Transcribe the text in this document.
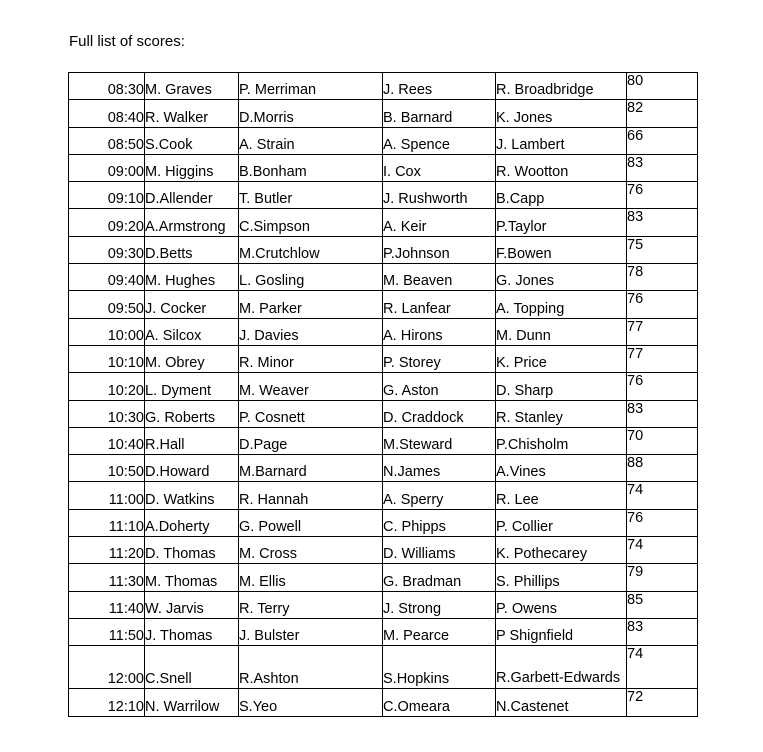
Full list of scores:
08:30	M. Graves	P. Merriman	J. Rees	R. Broadbridge	80
08:40	R. Walker	D.Morris	B. Barnard	K. Jones	82
08:50	S.Cook	A. Strain	A. Spence	J. Lambert	66
09:00	M. Higgins	B.Bonham	I. Cox	R. Wootton	83
09:10	D.Allender	T. Butler	J. Rushworth	B.Capp	76
09:20	A.Armstrong	C.Simpson	A. Keir	P.Taylor	83
09:30	D.Betts	M.Crutchlow	P.Johnson	F.Bowen	75
09:40	M. Hughes	L. Gosling	M. Beaven	G. Jones	78
09:50	J. Cocker	M. Parker	R. Lanfear	A. Topping	76
10:00	A. Silcox	J. Davies	A. Hirons	M. Dunn	77
10:10	M. Obrey	R. Minor	P. Storey	K. Price	77
10:20	L. Dyment	M. Weaver	G. Aston	D. Sharp	76
10:30	G. Roberts	P. Cosnett	D. Craddock	R. Stanley	83
10:40	R.Hall	D.Page	M.Steward	P.Chisholm	70
10:50	D.Howard	M.Barnard	N.James	A.Vines	88
11:00	D. Watkins	R. Hannah	A. Sperry	R. Lee	74
11:10	A.Doherty	G. Powell	C. Phipps	P. Collier	76
11:20	D. Thomas	M. Cross	D. Williams	K. Pothecarey	74
11:30	M. Thomas	M. Ellis	G. Bradman	S. Phillips	79
11:40	W. Jarvis	R. Terry	J. Strong	P. Owens	85
11:50	J. Thomas	J. Bulster	M. Pearce	P Shignfield	83
12:00	C.Snell	R.Ashton	S.Hopkins	R.Garbett-Edwards	74
12:10	N. Warrilow	S.Yeo	C.Omeara	N.Castenet	72
